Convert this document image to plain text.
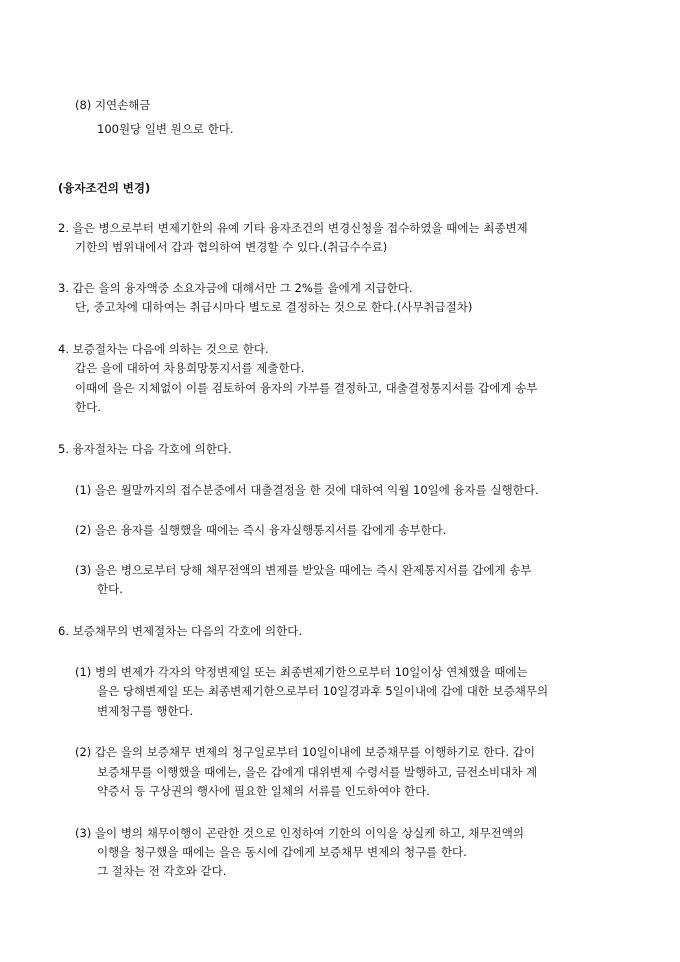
(8) 지연손해금
100원당 일변 원으로 한다.
(융자조건의 변경)
2. 을은 병으로부터 변제기한의 유예 기타 융자조건의 변경신청을 접수하였을 때에는 최종변제
기한의 범위내에서 갑과 협의하여 변경할 수 있다.(취급수수료)
3. 갑은 을의 융자액중 소요자금에 대해서만 그 2%를 을에게 지급한다.
단, 중고차에 대하여는 취급시마다 별도로 결정하는 것으로 한다.(사무취급절차)
4. 보증절차는 다음에 의하는 것으로 한다.
갑은 을에 대하여 차용희망통지서를 제출한다.
이때에 을은 지체없이 이를 검토하여 융자의 가부를 결정하고, 대출결정통지서를 갑에게 송부
한다.
5. 융자절차는 다음 각호에 의한다.
(1) 을은 월말까지의 접수분중에서 대출결정을 한 것에 대하여 익월 10일에 융자를 실행한다.
(2) 을은 융자를 실행했을 때에는 즉시 융자실행통지서를 갑에게 송부한다.
(3) 을은 병으로부터 당해 채무전액의 변제를 받았을 때에는 즉시 완제통지서를 갑에게 송부
한다.
6. 보증채무의 변제절차는 다음의 각호에 의한다.
(1) 병의 변제가 각자의 약정변제일 또는 최종변제기한으로부터 10일이상 연체했을 때에는
을은 당해변제일 또는 최종변제기한으로부터 10일경과후 5일이내에 갑에 대한 보증채무의
변제청구를 행한다.
(2) 갑은 을의 보증채무 변제의 청구일로부터 10일이내에 보증채무를 이행하기로 한다. 갑이
보증채무를 이행했을 때에는, 을은 갑에게 대위변제 수령서를 발행하고, 금전소비대차 계
약증서 등 구상권의 행사에 필요한 일체의 서류를 인도하여야 한다.
(3) 을이 병의 채무이행이 곤란한 것으로 인정하여 기한의 이익을 상실케 하고, 채무전액의
이행을 청구했을 때에는 을은 동시에 갑에게 보증채무 변제의 청구를 한다.
그 절차는 전 각호와 같다.
